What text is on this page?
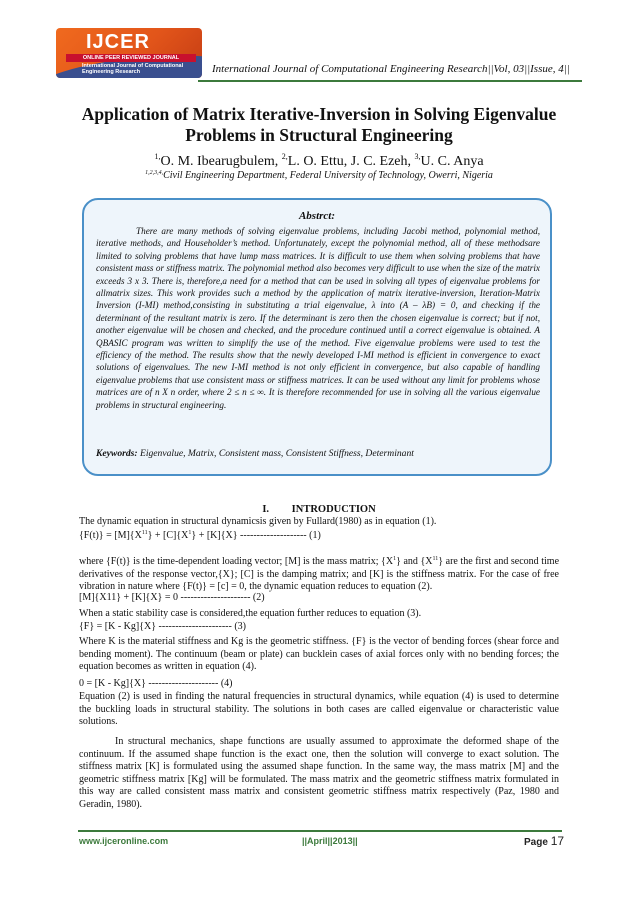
IJCER
ONLINE PEER REVIEWED JOURNAL
International Journal of Computational
Engineering Research	International Journal of Computational Engineering Research||Vol, 03||Issue, 4||
Application of Matrix Iterative-Inversion in Solving Eigenvalue
Problems in Structural Engineering
$^{1,}$O. M. Ibearugbulem, $^{2,}$L. O. Ettu, J. C. Ezeh, $^{3,}$U. C. Anya
$^{1,2,3,4,}$Civil Engineering Department, Federal University of Technology, Owerri, Nigeria
Abstrct:
There are many methods of solving eigenvalue problems, including Jacobi method, polynomial method, iterative methods, and Householder’s method. Unfortunately, except the polynomial method, all of these methodsare limited to solving problems that have lump mass matrices. It is difficult to use them when solving problems that have consistent mass or stiffness matrix. The polynomial method also becomes very difficult to use when the size of the matrix exceeds 3 x 3. There is, therefore,a need for a method that can be used in solving all types of eigenvalue problems for allmatrix sizes. This work provides such a method by the application of matrix iterative-inversion, Iteration-Matrix Inversion (I-MI) method,consisting in substituting a trial eigenvalue, λ into (A – λB) = 0, and checking if the determinant of the resultant matrix is zero. If the determinant is zero then the chosen eigenvalue is correct; but if not, another eigenvalue will be chosen and checked, and the procedure continued until a correct eigenvalue is obtained. A QBASIC program was written to simplify the use of the method. Five eigenvalue problems were used to test the efficiency of the method. The results show that the newly developed I-MI method is efficient in convergence to exact solutions of eigenvalues. The new I-MI method is not only efficient in convergence, but also capable of handling eigenvalue problems that use consistent mass or stiffness matrices. It can be used without any limit for problems whose matrices are of n X n order, where 2 ≤ n ≤ ∞. It is therefore recommended for use in solving all the various eigenvalue problems in structural engineering.
Keywords: Eigenvalue, Matrix, Consistent mass, Consistent Stiffness, Determinant
I. INTRODUCTION
The dynamic equation in structural dynamicsis given by Fullard(1980) as in equation (1).
$\{F(t)\} = [M]\{X^{11}\} + [C]\{X^1\} + [K]\{X\}$ -------------------- (1)
where {F(t)} is the time-dependent loading vector; [M] is the mass matrix; $\{X^1\}$ and $\{X^{11}\}$ are the first and second time derivatives of the response vector,{X}; [C] is the damping matrix; and [K] is the stiffness matrix. For the case of free vibration in nature where {F(t)} = [c] = 0, the dynamic equation reduces to equation (2).
[M]{X11} + [K]{X} = 0 --------------------- (2)
When a static stability case is considered,the equation further reduces to equation (3).
{F} = [K - Kg]{X} ---------------------- (3)
Where K is the material stiffness and Kg is the geometric stiffness. {F} is the vector of bending forces (shear force and bending moment). The continuum (beam or plate) can bucklein cases of axial forces only with no bending forces; the equation becomes as written in equation (4).
0 = [K - Kg]{X} --------------------- (4)
Equation (2) is used in finding the natural frequencies in structural dynamics, while equation (4) is used to determine the buckling loads in structural stability. The solutions in both cases are called eigenvalue or characteristic value solutions.
In structural mechanics, shape functions are usually assumed to approximate the deformed shape of the continuum. If the assumed shape function is the exact one, then the solution will converge to exact solution. The stiffness matrix [K] is formulated using the assumed shape function. In the same way, the mass matrix [M] and the geometric stiffness matrix [Kg] will be formulated. The mass matrix and the geometric stiffness matrix formulated in this way are called consistent mass matrix and consistent geometric stiffness matrix respectively (Paz, 1980 and Geradin, 1980).
www.ijceronline.com	||April||2013||	Page 17
